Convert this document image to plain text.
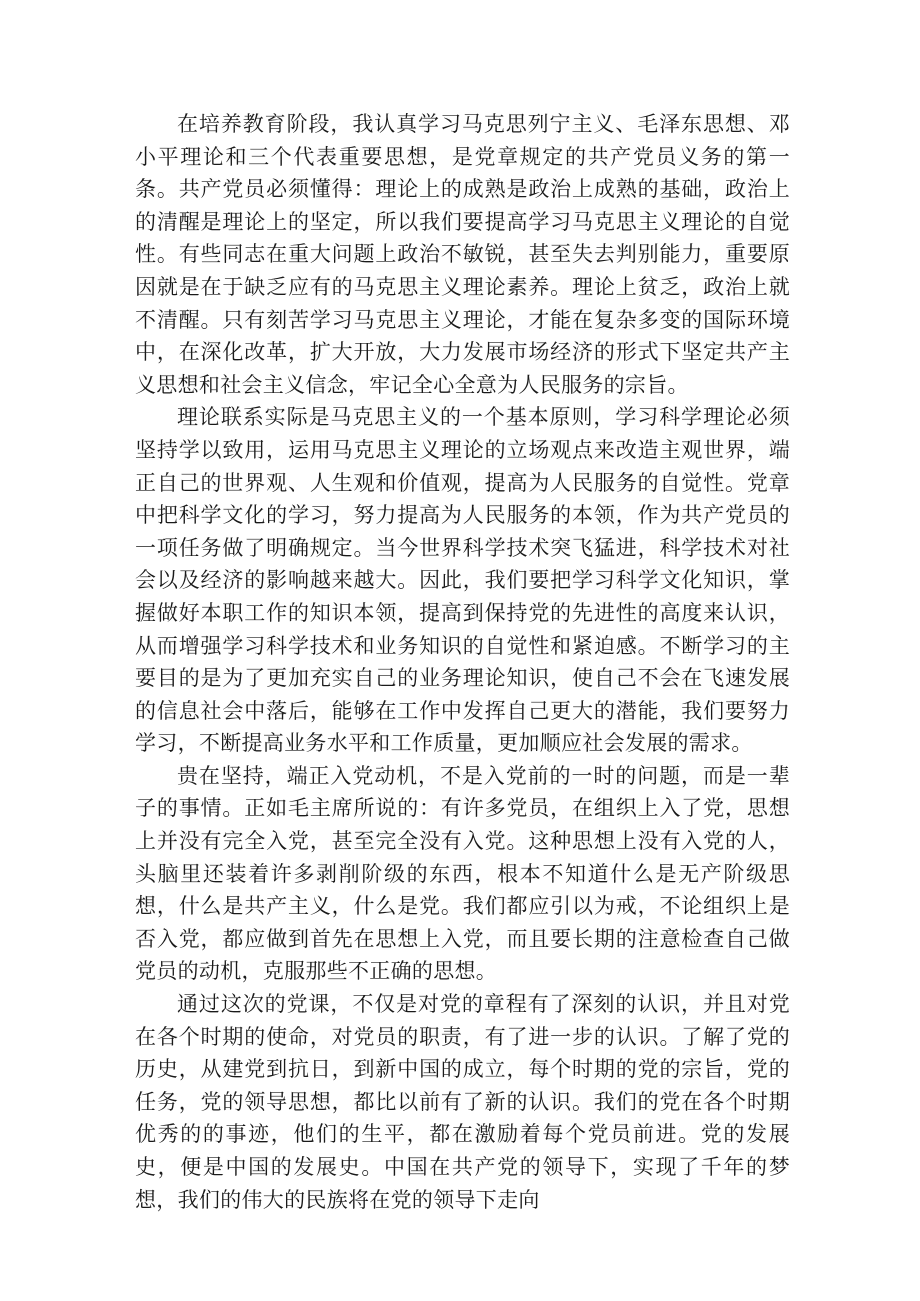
在培养教育阶段，我认真学习马克思列宁主义、毛泽东思想、邓小平理论和三个代表重要思想，是党章规定的共产党员义务的第一条。共产党员必须懂得：理论上的成熟是政治上成熟的基础，政治上的清醒是理论上的坚定，所以我们要提高学习马克思主义理论的自觉性。有些同志在重大问题上政治不敏锐，甚至失去判别能力，重要原因就是在于缺乏应有的马克思主义理论素养。理论上贫乏，政治上就不清醒。只有刻苦学习马克思主义理论，才能在复杂多变的国际环境中，在深化改革，扩大开放，大力发展市场经济的形式下坚定共产主义思想和社会主义信念，牢记全心全意为人民服务的宗旨。

理论联系实际是马克思主义的一个基本原则，学习科学理论必须坚持学以致用，运用马克思主义理论的立场观点来改造主观世界，端正自己的世界观、人生观和价值观，提高为人民服务的自觉性。党章中把科学文化的学习，努力提高为人民服务的本领，作为共产党员的一项任务做了明确规定。当今世界科学技术突飞猛进，科学技术对社会以及经济的影响越来越大。因此，我们要把学习科学文化知识，掌握做好本职工作的知识本领，提高到保持党的先进性的高度来认识，从而增强学习科学技术和业务知识的自觉性和紧迫感。不断学习的主要目的是为了更加充实自己的业务理论知识，使自己不会在飞速发展的信息社会中落后，能够在工作中发挥自己更大的潜能，我们要努力学习，不断提高业务水平和工作质量，更加顺应社会发展的需求。

贵在坚持，端正入党动机，不是入党前的一时的问题，而是一辈子的事情。正如毛主席所说的：有许多党员，在组织上入了党，思想上并没有完全入党，甚至完全没有入党。这种思想上没有入党的人，头脑里还装着许多剥削阶级的东西，根本不知道什么是无产阶级思想，什么是共产主义，什么是党。我们都应引以为戒，不论组织上是否入党，都应做到首先在思想上入党，而且要长期的注意检查自己做党员的动机，克服那些不正确的思想。

通过这次的党课，不仅是对党的章程有了深刻的认识，并且对党在各个时期的使命，对党员的职责，有了进一步的认识。了解了党的历史，从建党到抗日，到新中国的成立，每个时期的党的宗旨，党的任务，党的领导思想，都比以前有了新的认识。我们的党在各个时期优秀的的事迹，他们的生平，都在激励着每个党员前进。党的发展史，便是中国的发展史。中国在共产党的领导下，实现了千年的梦想，我们的伟大的民族将在党的领导下走向
